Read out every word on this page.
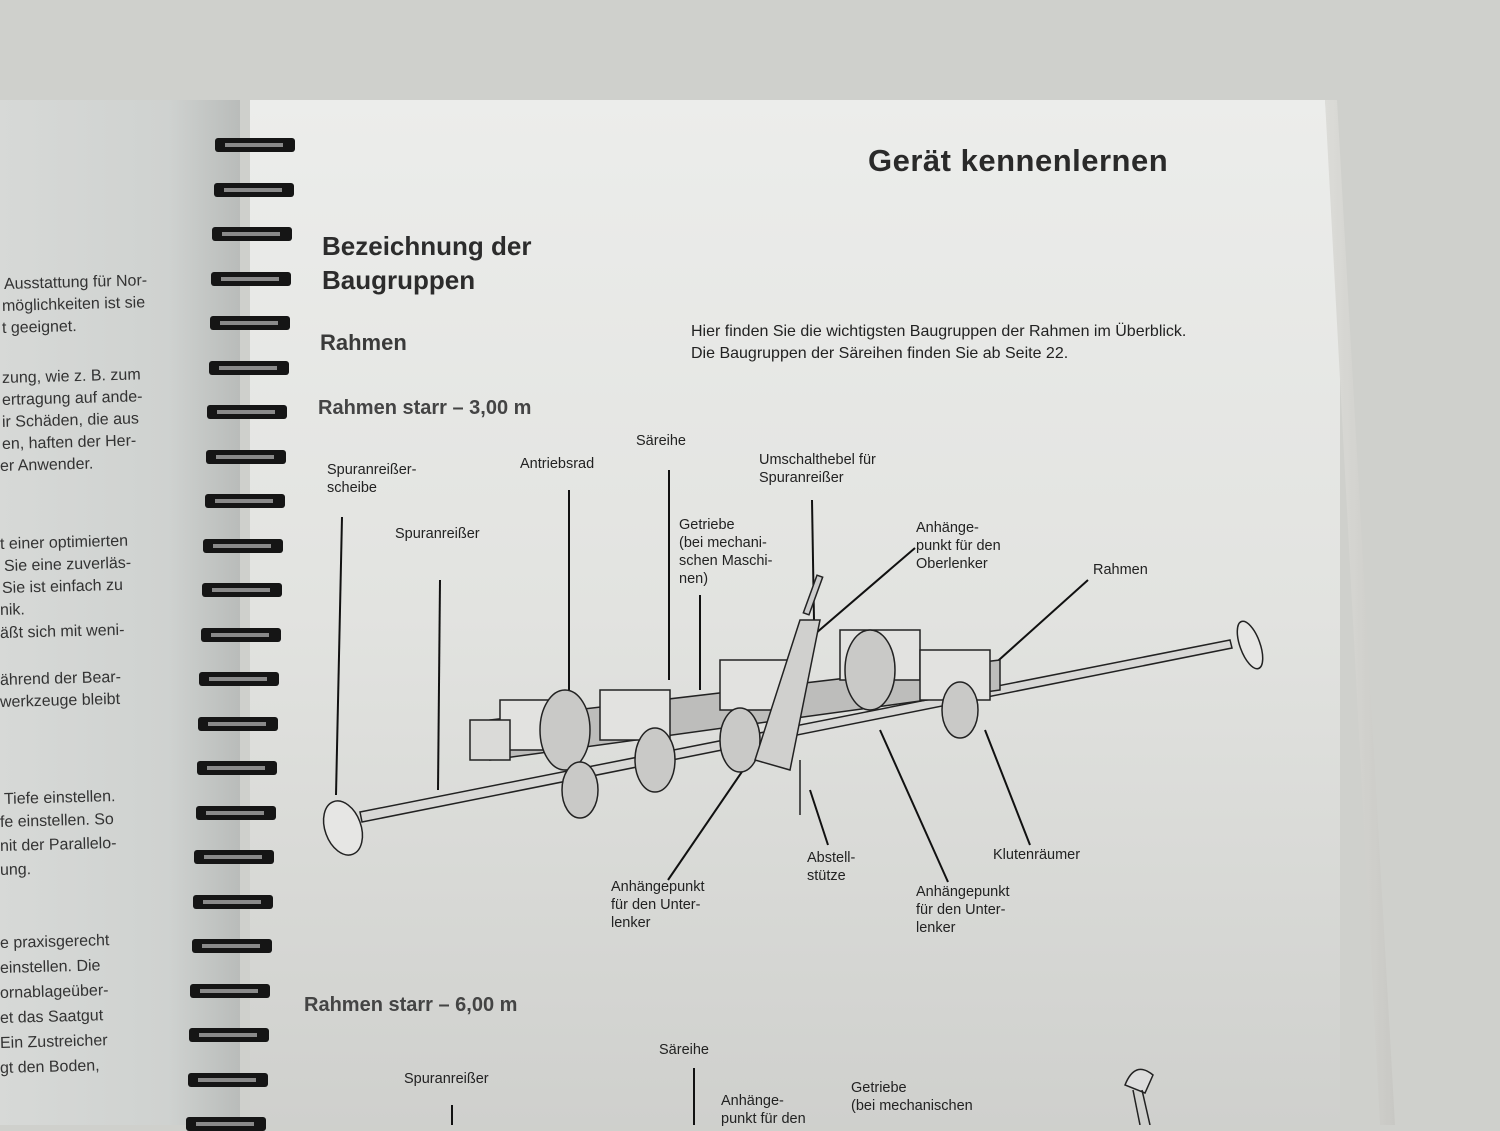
Ausstattung für Nor-
möglichkeiten ist sie
t geeignet.
zung, wie z. B. zum
ertragung auf ande-
ir Schäden, die aus
en, haften der Her-
er Anwender.
t einer optimierten
Sie eine zuverläs-
Sie ist einfach zu
nik.
äßt sich mit weni-
ährend der Bear-
werkzeuge bleibt
Tiefe einstellen.
fe einstellen. So
nit der Parallelo-
ung.
e praxisgerecht
einstellen. Die
ornablageüber-
et das Saatgut
Ein Zustreicher
gt den Boden,
Gerät kennenlernen
Bezeichnung der
Baugruppen
Rahmen	Hier finden Sie die wichtigsten Baugruppen der Rahmen im Überblick.
Die Baugruppen der Säreihen finden Sie ab Seite 22.
Rahmen starr – 3,00 m
Rahmen starr – 6,00 m
Spuranreißer-
scheibe
Spuranreißer
Antriebsrad
Säreihe
Getriebe
(bei mechani-
schen Maschi-
nen)
Umschalthebel für
Spuranreißer
Anhänge-
punkt für den
Oberlenker	Rahmen
Abstell-
stütze
Klutenräumer
Anhängepunkt
für den Unter-
lenker
Anhängepunkt
für den Unter-
lenker
Spuranreißer
Säreihe
Anhänge-
punkt für den
Getriebe
(bei mechanischen
